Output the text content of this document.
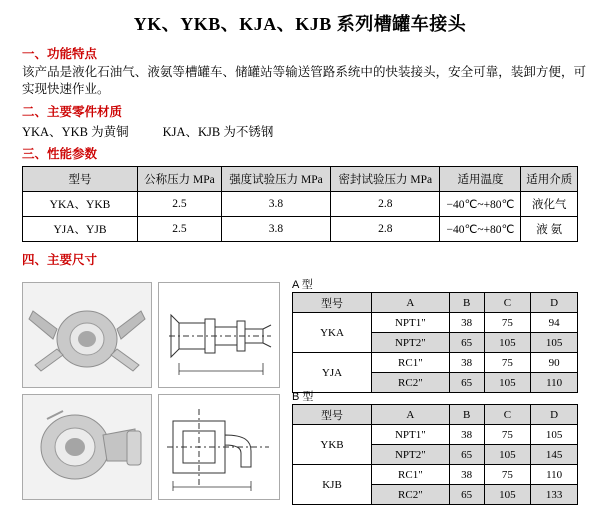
YK、YKB、KJA、KJB 系列槽罐车接头
一、功能特点
该产品是液化石油气、液氨等槽罐车、储罐站等输送管路系统中的快装接头，安全可靠，装卸方便，可实现快速作业。
二、主要零件材质
YKA、YKB 为黄铜	KJA、KJB 为不锈钢
三、性能参数
型号	公称压力 MPa	强度试验压力 MPa	密封试验压力 MPa	适用温度	适用介质
YKA、YKB	2.5	3.8	2.8	−40℃~+80℃	液化气
YJA、YJB	2.5	3.8	2.8	−40℃~+80℃	液 氨
四、主要尺寸
A 型
型号	A	B	C	D
YKA	NPT1"	38	75	94
	NPT2"	65	105	105
YJA	RC1"	38	75	90
	RC2"	65	105	110
B 型
型号	A	B	C	D
YKB	NPT1"	38	75	105
	NPT2"	65	105	145
KJB	RC1"	38	75	110
	RC2"	65	105	133
